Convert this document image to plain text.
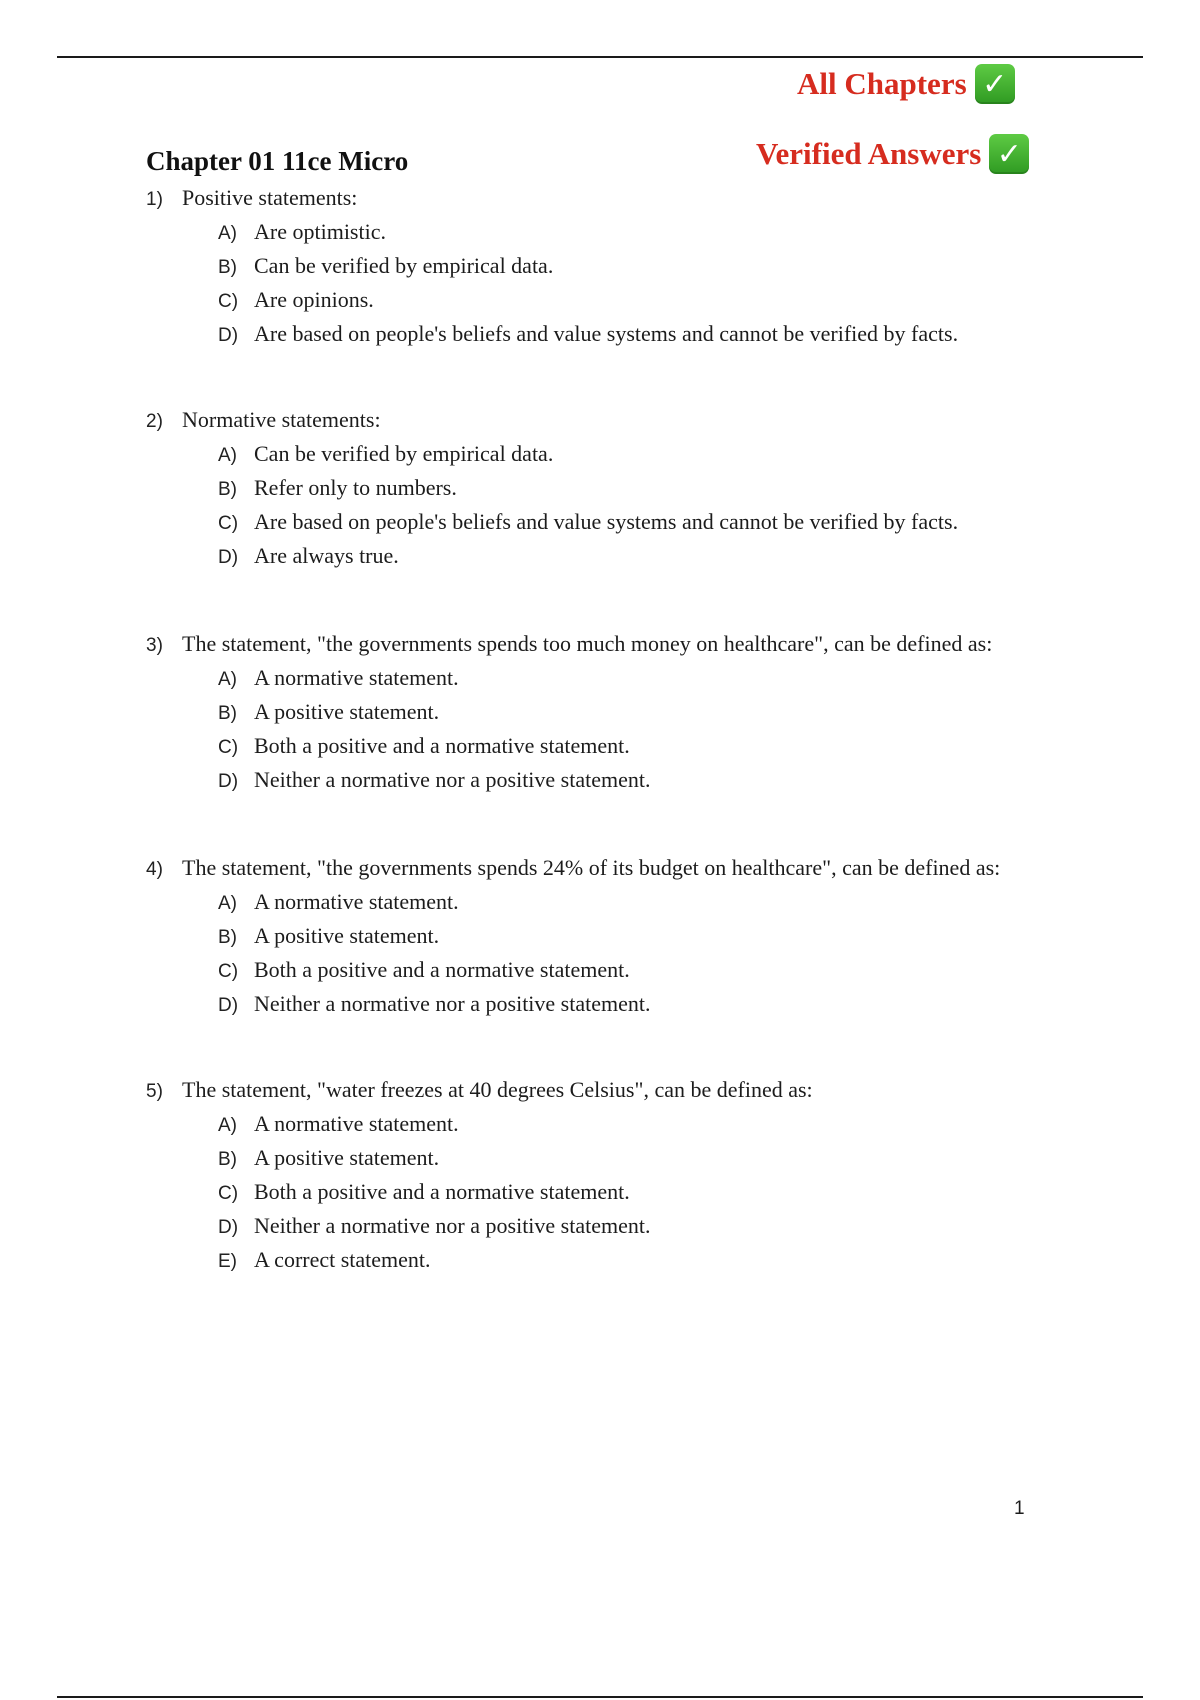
All Chapters ✓
Verified Answers ✓
Chapter 01 11ce Micro
1) Positive statements:
A) Are optimistic.
B) Can be verified by empirical data.
C) Are opinions.
D) Are based on people's beliefs and value systems and cannot be verified by facts.
2) Normative statements:
A) Can be verified by empirical data.
B) Refer only to numbers.
C) Are based on people's beliefs and value systems and cannot be verified by facts.
D) Are always true.
3) The statement, "the governments spends too much money on healthcare", can be defined as:
A) A normative statement.
B) A positive statement.
C) Both a positive and a normative statement.
D) Neither a normative nor a positive statement.
4) The statement, "the governments spends 24% of its budget on healthcare", can be defined as:
A) A normative statement.
B) A positive statement.
C) Both a positive and a normative statement.
D) Neither a normative nor a positive statement.
5) The statement, "water freezes at 40 degrees Celsius", can be defined as:
A) A normative statement.
B) A positive statement.
C) Both a positive and a normative statement.
D) Neither a normative nor a positive statement.
E) A correct statement.
1
